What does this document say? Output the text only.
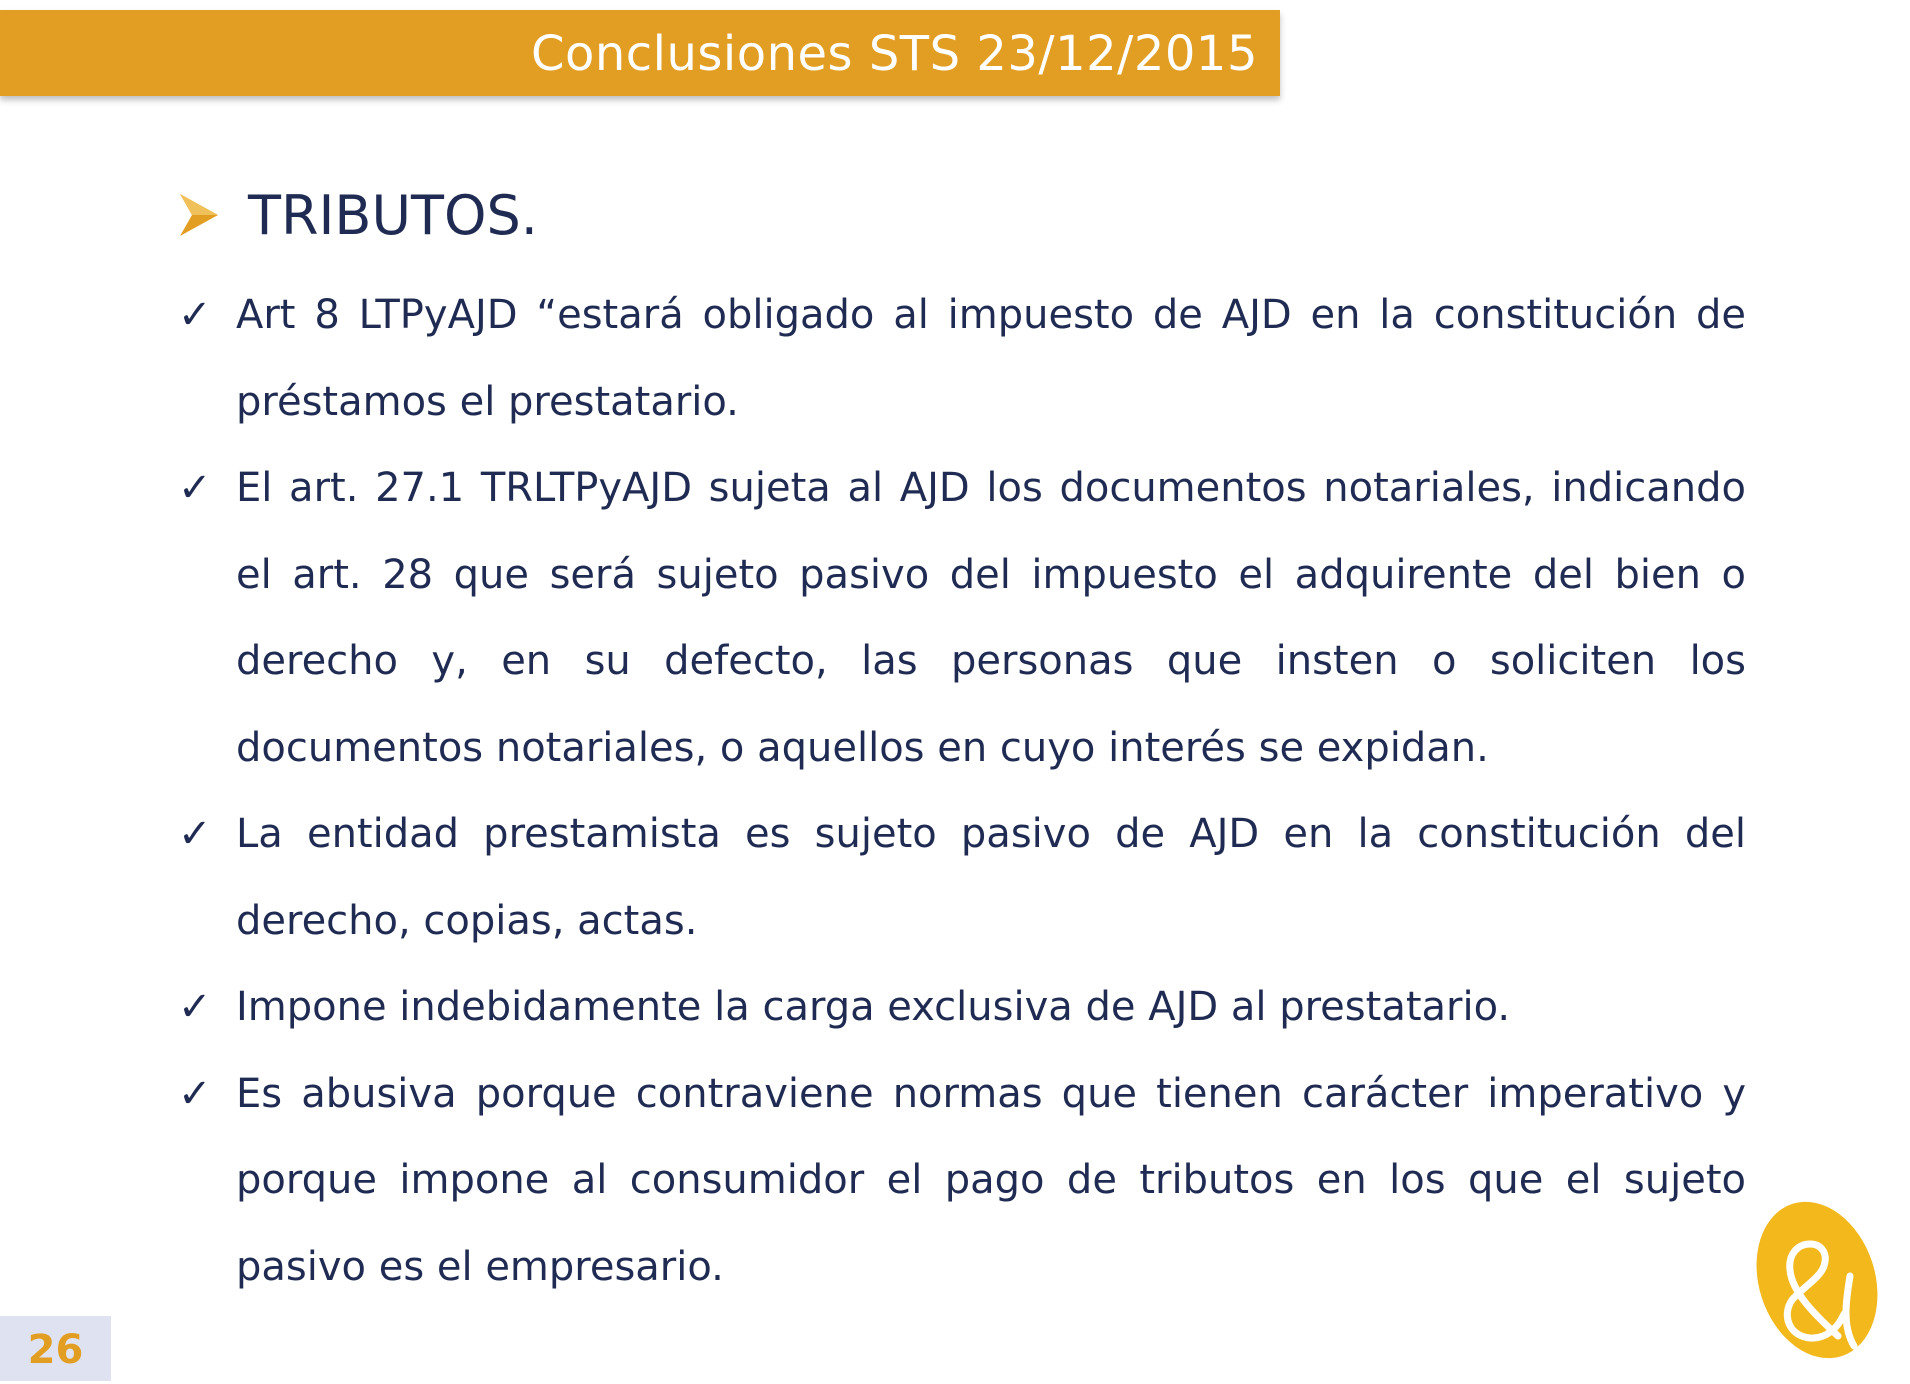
Conclusiones STS 23/12/2015
TRIBUTOS.
✓ Art 8 LTPyAJD “estará obligado al impuesto de AJD en la constitución de préstamos el prestatario.
✓ El art. 27.1 TRLTPyAJD sujeta al AJD los documentos notariales, indicando el art. 28 que será sujeto pasivo del impuesto el adquirente del bien o derecho y, en su defecto, las personas que insten o soliciten los documentos notariales, o aquellos en cuyo interés se expidan.
✓ La entidad prestamista es sujeto pasivo de AJD en la constitución del derecho, copias, actas.
✓ Impone indebidamente la carga exclusiva de AJD al prestatario.
✓ Es abusiva porque contraviene normas que tienen carácter imperativo y porque impone al consumidor el pago de tributos en los que el sujeto pasivo es el empresario.
26
